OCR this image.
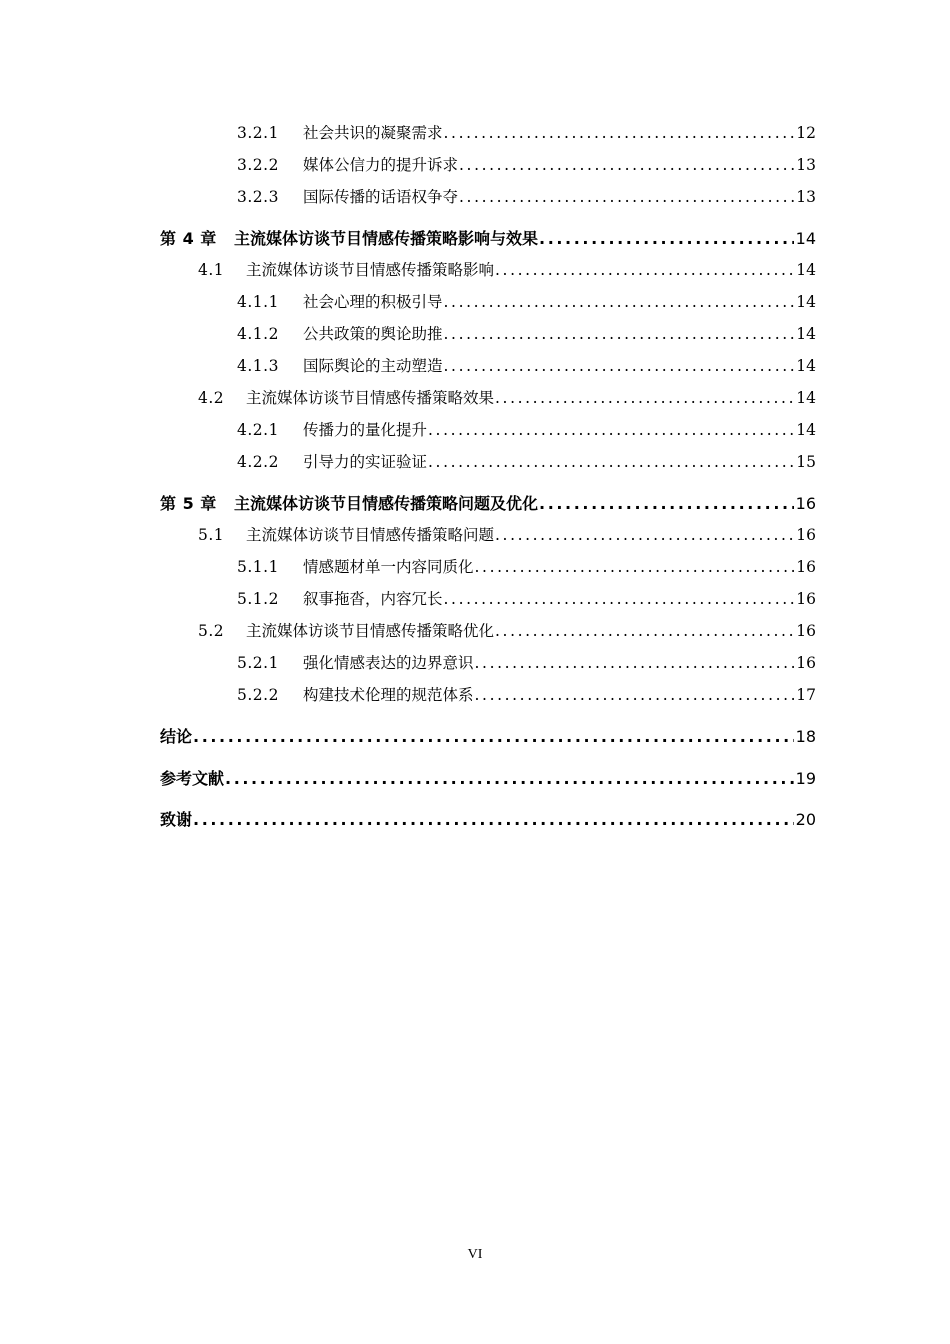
3.2.1	社会共识的凝聚需求 .....	12
3.2.2	媒体公信力的提升诉求 .....	13
3.2.3	国际传播的话语权争夺 .....	13
第 4 章	主流媒体访谈节目情感传播策略影响与效果 .....	14
4.1	主流媒体访谈节目情感传播策略影响 .....	14
4.1.1	社会心理的积极引导 .....	14
4.1.2	公共政策的舆论助推 .....	14
4.1.3	国际舆论的主动塑造 .....	14
4.2	主流媒体访谈节目情感传播策略效果 .....	14
4.2.1	传播力的量化提升 .....	14
4.2.2	引导力的实证验证 .....	15
第 5 章	主流媒体访谈节目情感传播策略问题及优化 .....	16
5.1	主流媒体访谈节目情感传播策略问题 .....	16
5.1.1	情感题材单一内容同质化 .....	16
5.1.2	叙事拖沓，内容冗长 .....	16
5.2	主流媒体访谈节目情感传播策略优化 .....	16
5.2.1	强化情感表达的边界意识 .....	16
5.2.2	构建技术伦理的规范体系 .....	17
结论 .....	18
参考文献 .....	19
致谢 .....	20
VI
